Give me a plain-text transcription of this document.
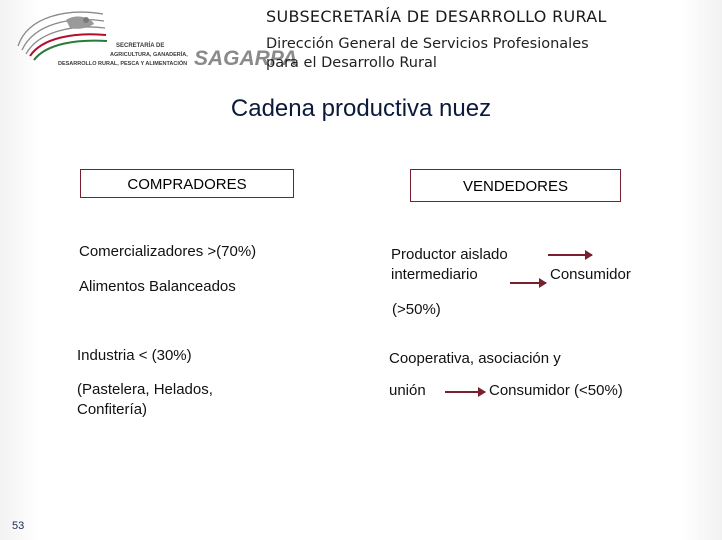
SECRETARÍA DE
AGRICULTURA, GANADERÍA,
DESARROLLO RURAL, PESCA Y ALIMENTACIÓN SAGARPA
SUBSECRETARÍA DE DESARROLLO RURAL
Dirección General de Servicios Profesionales
para el Desarrollo Rural
Cadena productiva nuez
COMPRADORES	VENDEDORES
Comercializadores >(70%)
Alimentos Balanceados
Industria < (30%)
(Pastelera, Helados,
Confitería)
Productor aislado
intermediario	Consumidor
(>50%)
Cooperativa, asociación y
unión	Consumidor (<50%)
53
